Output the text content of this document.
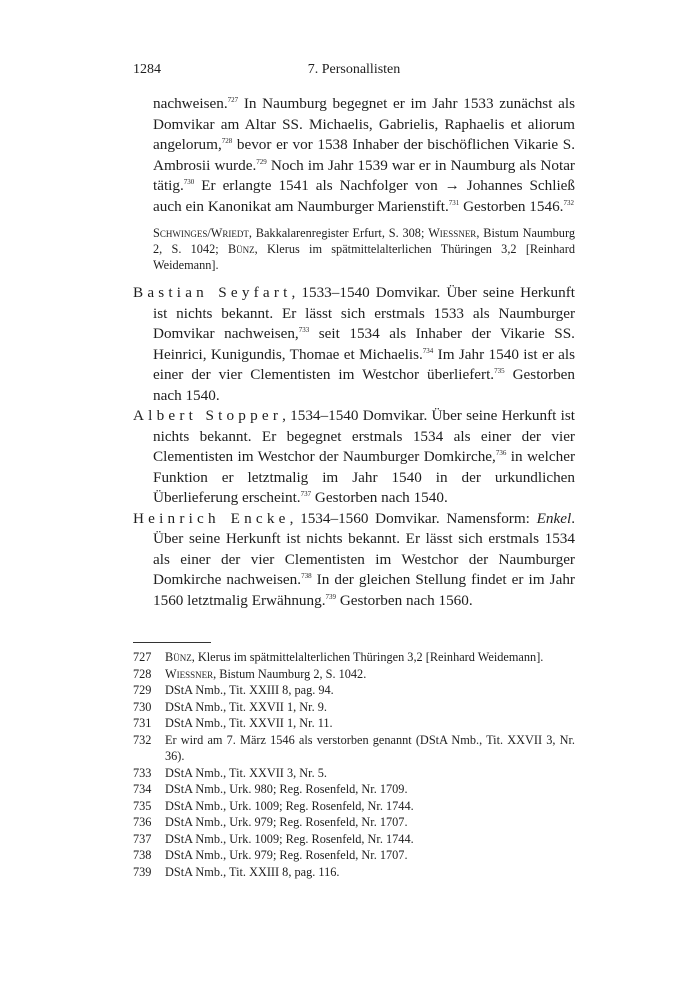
1284	7. Personallisten

nachweisen.$^{727}$ In Naumburg begegnet er im Jahr 1533 zunächst als Domvikar am Altar SS. Michaelis, Gabrielis, Raphaelis et aliorum angelorum,$^{728}$ bevor er vor 1538 Inhaber der bischöflichen Vikarie S. Ambrosii wurde.$^{729}$ Noch im Jahr 1539 war er in Naumburg als Notar tätig.$^{730}$ Er erlangte 1541 als Nachfolger von → Johannes Schließ auch ein Kanonikat am Naumburger Marienstift.$^{731}$ Gestorben 1546.$^{732}$

Schwinges/Wriedt, Bakkalarenregister Erfurt, S. 308; Wiessner, Bistum Naumburg 2, S. 1042; Bünz, Klerus im spätmittelalterlichen Thüringen 3,2 [Reinhard Weidemann].

Bastian Seyfart, 1533–1540 Domvikar. Über seine Herkunft ist nichts bekannt. Er lässt sich erstmals 1533 als Naumburger Domvikar nachweisen,$^{733}$ seit 1534 als Inhaber der Vikarie SS. Heinrici, Kunigundis, Thomae et Michaelis.$^{734}$ Im Jahr 1540 ist er als einer der vier Clementisten im Westchor überliefert.$^{735}$ Gestorben nach 1540.

Albert Stopper, 1534–1540 Domvikar. Über seine Herkunft ist nichts bekannt. Er begegnet erstmals 1534 als einer der vier Clementisten im Westchor der Naumburger Domkirche,$^{736}$ in welcher Funktion er letztmalig im Jahr 1540 in der urkundlichen Überlieferung erscheint.$^{737}$ Gestorben nach 1540.

Heinrich Encke, 1534–1560 Domvikar. Namensform: Enkel. Über seine Herkunft ist nichts bekannt. Er lässt sich erstmals 1534 als einer der vier Clementisten im Westchor der Naumburger Domkirche nachweisen.$^{738}$ In der gleichen Stellung findet er im Jahr 1560 letztmalig Erwähnung.$^{739}$ Gestorben nach 1560.

727 Bünz, Klerus im spätmittelalterlichen Thüringen 3,2 [Reinhard Weidemann].
728 Wiessner, Bistum Naumburg 2, S. 1042.
729 DStA Nmb., Tit. XXIII 8, pag. 94.
730 DStA Nmb., Tit. XXVII 1, Nr. 9.
731 DStA Nmb., Tit. XXVII 1, Nr. 11.
732 Er wird am 7. März 1546 als verstorben genannt (DStA Nmb., Tit. XXVII 3, Nr. 36).
733 DStA Nmb., Tit. XXVII 3, Nr. 5.
734 DStA Nmb., Urk. 980; Reg. Rosenfeld, Nr. 1709.
735 DStA Nmb., Urk. 1009; Reg. Rosenfeld, Nr. 1744.
736 DStA Nmb., Urk. 979; Reg. Rosenfeld, Nr. 1707.
737 DStA Nmb., Urk. 1009; Reg. Rosenfeld, Nr. 1744.
738 DStA Nmb., Urk. 979; Reg. Rosenfeld, Nr. 1707.
739 DStA Nmb., Tit. XXIII 8, pag. 116.
